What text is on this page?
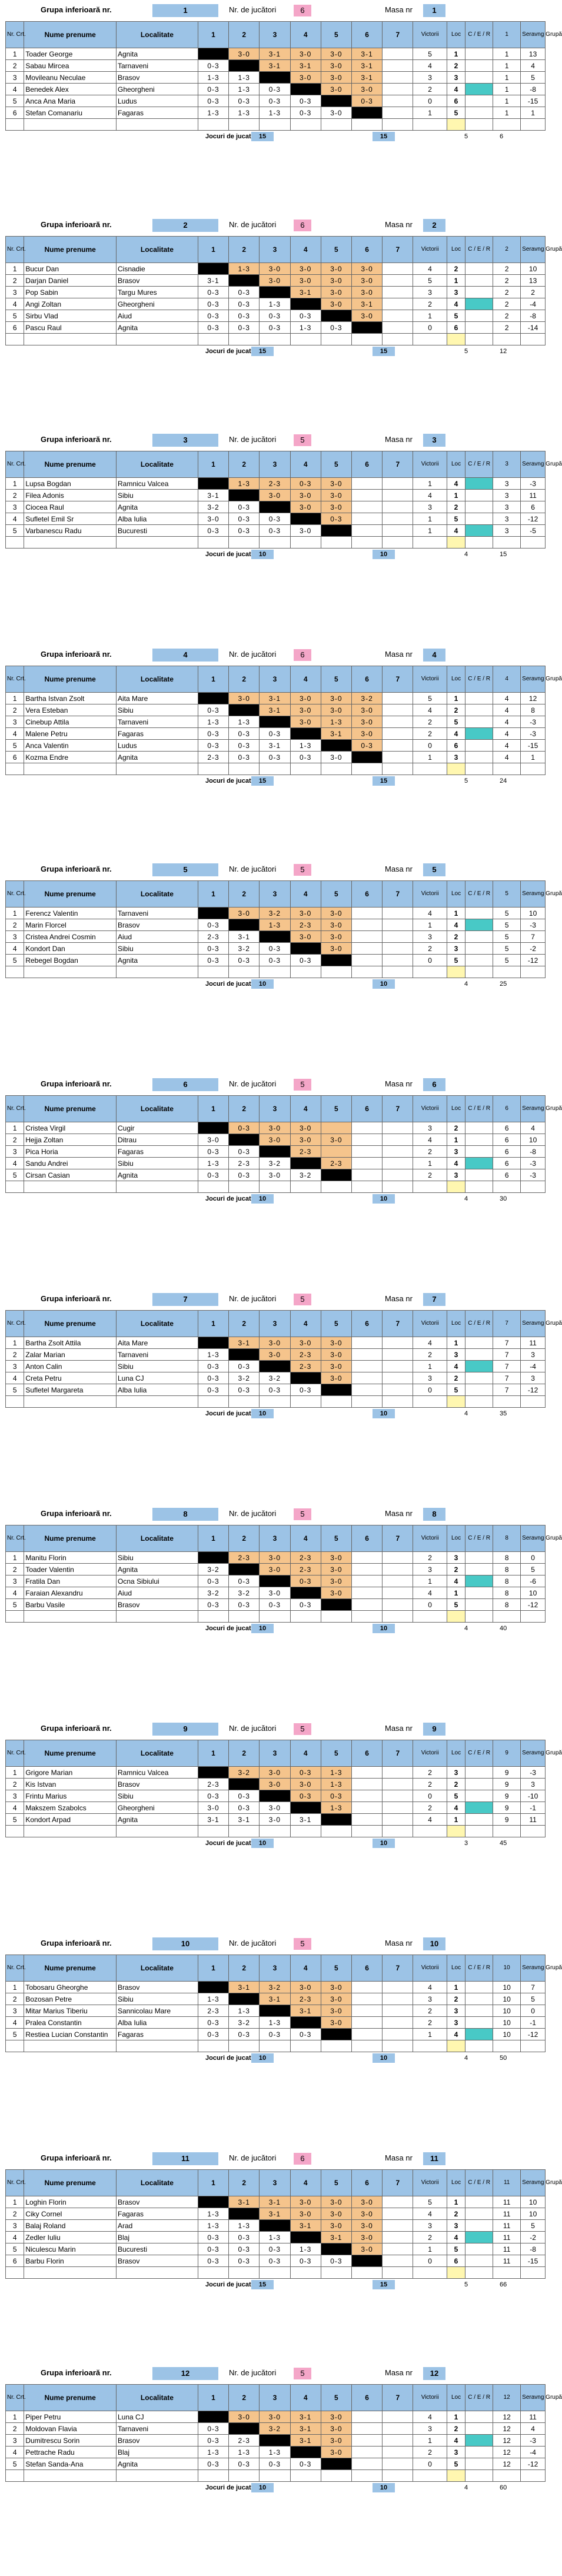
Grupa inferioară nr.	1	Nr. de jucători	6	Masa nr	1
Nr. Crt.	Nume prenume	Localitate	1	2	3	4	5	6	7	Victorii	Loc	C / E / R	1	Seravng Grupă
1	Toader George	Agnita		3-0	3-1	3-0	3-0	3-1		5	1		1	13
2	Sabau Mircea	Tarnaveni	0-3		3-1	3-1	3-0	3-1		4	2		1	4
3	Movileanu Neculae	Brasov	1-3	1-3		3-0	3-0	3-1		3	3		1	5
4	Benedek Alex	Gheorgheni	0-3	1-3	0-3		3-0	3-0		2	4		1	-8
5	Anca Ana Maria	Ludus	0-3	0-3	0-3	0-3		0-3		0	6		1	-15
6	Stefan Comanariu	Fagaras	1-3	1-3	1-3	0-3	3-0			1	5		1	1

Jocuri de jucat	15	15	5	6
Grupa inferioară nr.	2	Nr. de jucători	6	Masa nr	2
Nr. Crt.	Nume prenume	Localitate	1	2	3	4	5	6	7	Victorii	Loc	C / E / R	2	Seravng Grupă
1	Bucur Dan	Cisnadie		1-3	3-0	3-0	3-0	3-0		4	2		2	10
2	Darjan Daniel	Brasov	3-1		3-0	3-0	3-0	3-0		5	1		2	13
3	Pop Sabin	Targu Mures	0-3	0-3		3-1	3-0	3-0		3	3		2	2
4	Angi Zoltan	Gheorgheni	0-3	0-3	1-3		3-0	3-1		2	4		2	-4
5	Sirbu Vlad	Aiud	0-3	0-3	0-3	0-3		3-0		1	5		2	-8
6	Pascu Raul	Agnita	0-3	0-3	0-3	1-3	0-3			0	6		2	-14

Jocuri de jucat	15	15	5	12
Grupa inferioară nr.	3	Nr. de jucători	5	Masa nr	3
Nr. Crt.	Nume prenume	Localitate	1	2	3	4	5	6	7	Victorii	Loc	C / E / R	3	Seravng Grupă
1	Lupsa Bogdan	Ramnicu Valcea		1-3	2-3	0-3	3-0			1	4		3	-3
2	Filea Adonis	Sibiu	3-1		3-0	3-0	3-0			4	1		3	11
3	Ciocea Raul	Agnita	3-2	0-3		3-0	3-0			3	2		3	6
4	Sufletel Emil Sr	Alba Iulia	3-0	0-3	0-3		0-3			1	5		3	-12
5	Varbanescu Radu	Bucuresti	0-3	0-3	0-3	3-0				1	4		3	-5

Jocuri de jucat	10	10	4	15
Grupa inferioară nr.	4	Nr. de jucători	6	Masa nr	4
Nr. Crt.	Nume prenume	Localitate	1	2	3	4	5	6	7	Victorii	Loc	C / E / R	4	Seravng Grupă
1	Bartha Istvan Zsolt	Aita Mare		3-0	3-1	3-0	3-0	3-2		5	1		4	12
2	Vera Esteban	Sibiu	0-3		3-1	3-0	3-0	3-0		4	2		4	8
3	Cinebup Attila	Tarnaveni	1-3	1-3		3-0	1-3	3-0		2	5		4	-3
4	Malene Petru	Fagaras	0-3	0-3	0-3		3-1	3-0		2	4		4	-3
5	Anca Valentin	Ludus	0-3	0-3	3-1	1-3		0-3		0	6		4	-15
6	Kozma Endre	Agnita	2-3	0-3	0-3	0-3	3-0			1	3		4	1

Jocuri de jucat	15	15	5	24
Grupa inferioară nr.	5	Nr. de jucători	5	Masa nr	5
Nr. Crt.	Nume prenume	Localitate	1	2	3	4	5	6	7	Victorii	Loc	C / E / R	5	Seravng Grupă
1	Ferencz Valentin	Tarnaveni		3-0	3-2	3-0	3-0			4	1		5	10
2	Marin Florcel	Brasov	0-3		1-3	2-3	3-0			1	4		5	-3
3	Cristea Andrei Cosmin	Aiud	2-3	3-1		3-0	3-0			3	2		5	7
4	Kondort Dan	Sibiu	0-3	3-2	0-3		3-0			2	3		5	-2
5	Rebegel Bogdan	Agnita	0-3	0-3	0-3	0-3				0	5		5	-12

Jocuri de jucat	10	10	4	25
Grupa inferioară nr.	6	Nr. de jucători	5	Masa nr	6
Nr. Crt.	Nume prenume	Localitate	1	2	3	4	5	6	7	Victorii	Loc	C / E / R	6	Seravng Grupă
1	Cristea Virgil	Cugir		0-3	3-0	3-0				3	2		6	4
2	Hejja Zoltan	Ditrau	3-0		3-0	3-0	3-0			4	1		6	10
3	Pica Horia	Fagaras	0-3	0-3		2-3				2	3		6	-8
4	Sandu Andrei	Sibiu	1-3	2-3	3-2		2-3			1	4		6	-3
5	Cirsan Casian	Agnita	0-3	0-3	3-0	3-2				2	3		6	-3

Jocuri de jucat	10	10	4	30
Grupa inferioară nr.	7	Nr. de jucători	5	Masa nr	7
Nr. Crt.	Nume prenume	Localitate	1	2	3	4	5	6	7	Victorii	Loc	C / E / R	7	Seravng Grupă
1	Bartha Zsolt Attila	Aita Mare		3-1	3-0	3-0	3-0			4	1		7	11
2	Zalar Marian	Tarnaveni	1-3		3-0	2-3	3-0			2	3		7	3
3	Anton Calin	Sibiu	0-3	0-3		2-3	3-0			1	4		7	-4
4	Creta Petru	Luna CJ	0-3	3-2	3-2		3-0			3	2		7	3
5	Sufletel Margareta	Alba Iulia	0-3	0-3	0-3	0-3				0	5		7	-12

Jocuri de jucat	10	10	4	35
Grupa inferioară nr.	8	Nr. de jucători	5	Masa nr	8
Nr. Crt.	Nume prenume	Localitate	1	2	3	4	5	6	7	Victorii	Loc	C / E / R	8	Seravng Grupă
1	Manitu Florin	Sibiu		2-3	3-0	2-3	3-0			2	3		8	0
2	Toader Valentin	Agnita	3-2		3-0	2-3	3-0			3	2		8	5
3	Fratila Dan	Ocna Sibiului	0-3	0-3		0-3	3-0			1	4		8	-6
4	Faraian Alexandru	Aiud	3-2	3-2	3-0		3-0			4	1		8	10
5	Barbu Vasile	Brasov	0-3	0-3	0-3	0-3				0	5		8	-12

Jocuri de jucat	10	10	4	40
Grupa inferioară nr.	9	Nr. de jucători	5	Masa nr	9
Nr. Crt.	Nume prenume	Localitate	1	2	3	4	5	6	7	Victorii	Loc	C / E / R	9	Seravng Grupă
1	Grigore Marian	Ramnicu Valcea		3-2	3-0	0-3	1-3			2	3		9	-3
2	Kis Istvan	Brasov	2-3		3-0	3-0	1-3			2	2		9	3
3	Frintu Marius	Sibiu	0-3	0-3		0-3	0-3			0	5		9	-10
4	Makszem Szabolcs	Gheorgheni	3-0	0-3	3-0		1-3			2	4		9	-1
5	Kondort Arpad	Agnita	3-1	3-1	3-0	3-1				4	1		9	11

Jocuri de jucat	10	10	3	45
Grupa inferioară nr.	10	Nr. de jucători	5	Masa nr	10
Nr. Crt.	Nume prenume	Localitate	1	2	3	4	5	6	7	Victorii	Loc	C / E / R	10	Seravng Grupă
1	Tobosaru Gheorghe	Brasov		3-1	3-2	3-0	3-0			4	1		10	7
2	Bozosan Petre	Sibiu	1-3		3-1	2-3	3-0			3	2		10	5
3	Mitar Marius Tiberiu	Sannicolau Mare	2-3	1-3		3-1	3-0			2	3		10	0
4	Pralea Constantin	Alba Iulia	0-3	3-2	1-3		3-0			2	3		10	-1
5	Restiea Lucian Constantin	Fagaras	0-3	0-3	0-3	0-3				1	4		10	-12

Jocuri de jucat	10	10	4	50
Grupa inferioară nr.	11	Nr. de jucători	6	Masa nr	11
Nr. Crt.	Nume prenume	Localitate	1	2	3	4	5	6	7	Victorii	Loc	C / E / R	11	Seravng Grupă
1	Loghin Florin	Brasov		3-1	3-1	3-0	3-0	3-0		5	1		11	10
2	Ciky Cornel	Fagaras	1-3		3-1	3-0	3-0	3-0		4	2		11	10
3	Balaj Roland	Arad	1-3	1-3		3-1	3-0	3-0		3	3		11	5
4	Zedler Iuliu	Blaj	0-3	0-3	1-3		3-1	3-0		2	4		11	-2
5	Niculescu Marin	Bucuresti	0-3	0-3	0-3	1-3		3-0		1	5		11	-8
6	Barbu Florin	Brasov	0-3	0-3	0-3	0-3	0-3			0	6		11	-15

Jocuri de jucat	15	15	5	66
Grupa inferioară nr.	12	Nr. de jucători	5	Masa nr	12
Nr. Crt.	Nume prenume	Localitate	1	2	3	4	5	6	7	Victorii	Loc	C / E / R	12	Seravng Grupă
1	Piper Petru	Luna CJ		3-0	3-0	3-1	3-0			4	1		12	11
2	Moldovan Flavia	Tarnaveni	0-3		3-2	3-1	3-0			3	2		12	4
3	Dumitrescu Sorin	Brasov	0-3	2-3		3-1	3-0			1	4		12	-3
4	Pettrache Radu	Blaj	1-3	1-3	1-3		3-0			2	3		12	-4
5	Stefan Sanda-Ana	Agnita	0-3	0-3	0-3	0-3				0	5		12	-12

Jocuri de jucat	10	10	4	60
